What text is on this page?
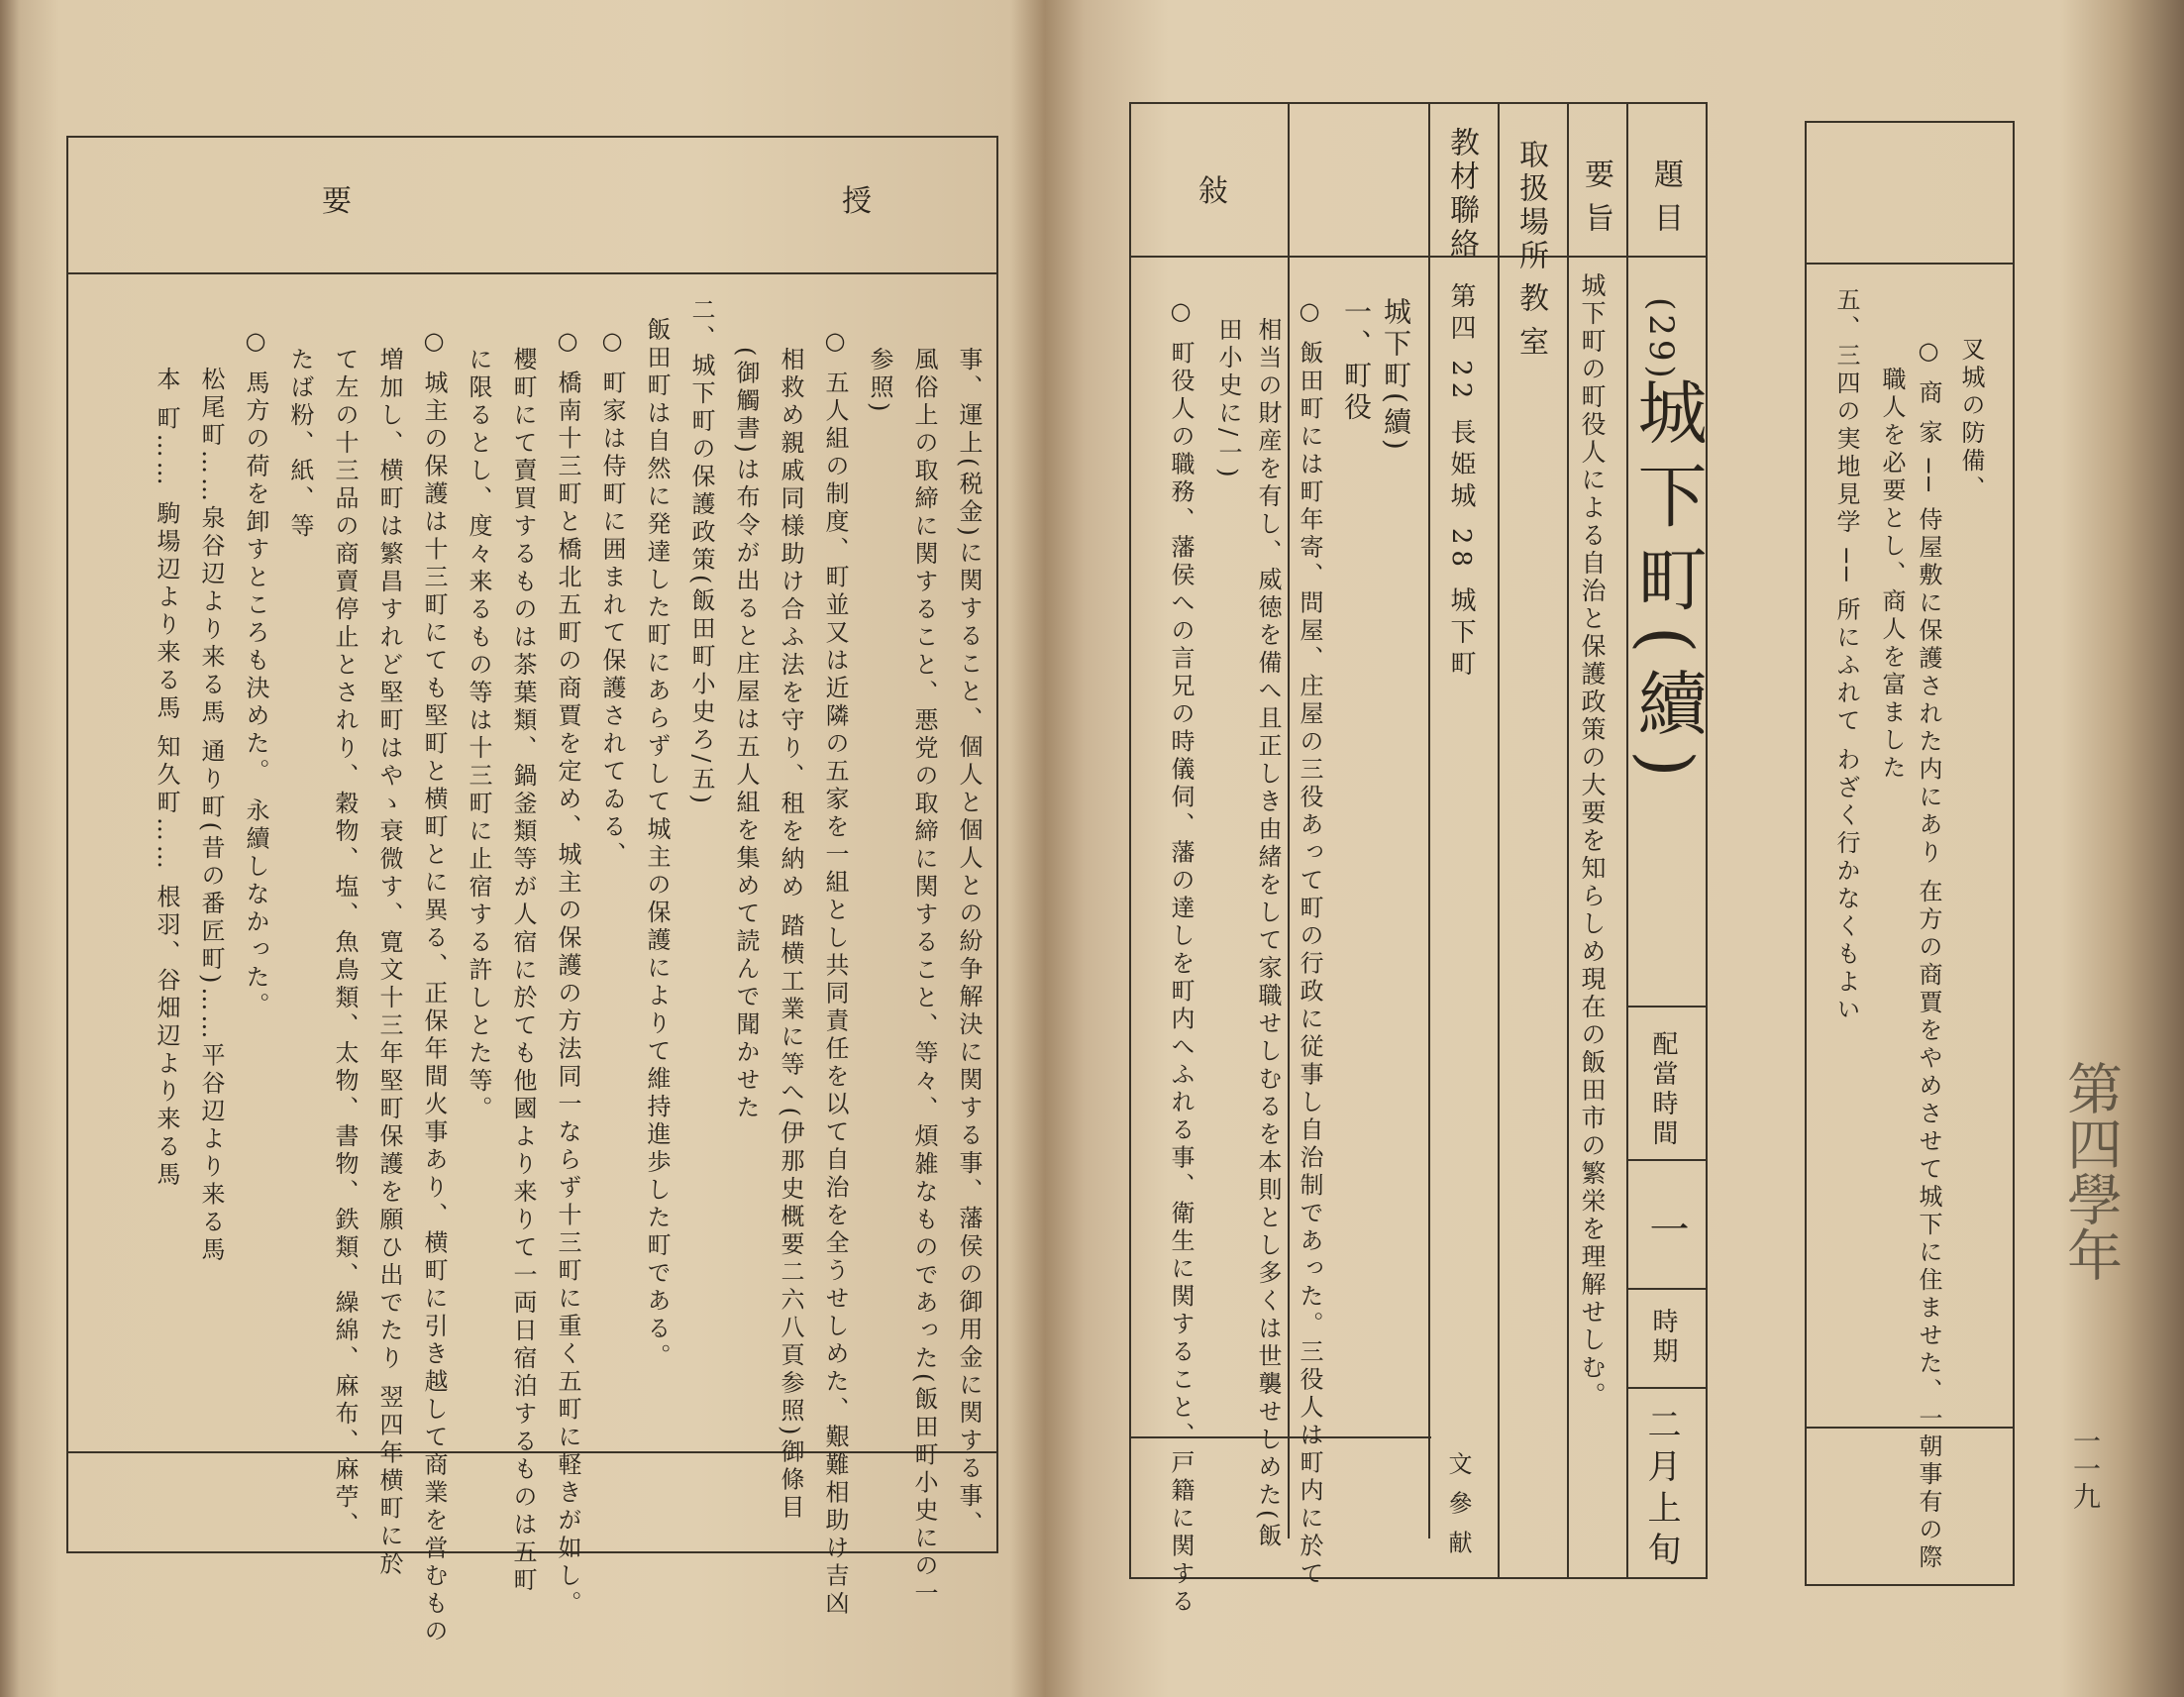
要	授
事、運上(税金)に関すること、個人と個人との紛争解決に関する事、藩侯の御用金に関する事、
風俗上の取締に関すること、悪党の取締に関すること、等々、煩雑なものであった(飯田町小史にの一
参照)
○ 五人組の制度、町並又は近隣の五家を一組とし共同責任を以て自治を全うせしめた、艱難相助け吉凶
相救め親戚同様助け合ふ法を守り、租を納め 踏横工業に等へ(伊那史概要二六八頁参照)御條目
(御觸書)は布令が出ると庄屋は五人組を集めて読んで聞かせた
二、城下町の保護政策(飯田町小史ろ/五)
飯田町は自然に発達した町にあらずして城主の保護によりて維持進歩した町である。
○ 町家は侍町に囲まれて保護されてゐる、
○ 橋南十三町と橋北五町の商賈を定め、城主の保護の方法同一ならず十三町に重く五町に軽きが如し。
櫻町にて賣買するものは茶葉類、鍋釜類等が人宿に於ても他國より来りて一両日宿泊するものは五町
に限るとし、度々来るもの等は十三町に止宿する許しとた等。
○ 城主の保護は十三町にても堅町と横町とに異る、正保年間火事あり、横町に引き越して商業を営むもの
増加し、横町は繁昌すれど堅町はやゝ衰微す、寛文十三年堅町保護を願ひ出でたり 翌四年横町に於
て左の十三品の商賣停止とされり、穀物、塩、魚鳥類、太物、書物、鉄類、繰綿、麻布、麻苧、
たば粉、紙、等
○ 馬方の荷を卸すところも決めた。 永續しなかった。
松尾町……泉谷辺より来る馬 通り町(昔の番匠町)……平谷辺より来る馬
本 町…… 駒場辺より来る馬 知久町…… 根羽、谷畑辺より来る馬
題目
要旨
取扱場所
教材聯絡
敍
(29)
城下町(續)
配當時間
一
時期
二月上旬
城下町の町役人による自治と保護政策の大要を知らしめ現在の飯田市の繁栄を理解せしむ。
教室
第四 22 長姫城 28 城下町
文 參 献
城下町(續)
一、町役
○ 飯田町には町年寄、問屋、庄屋の三役あって町の行政に従事し自治制であった。三役人は町内に於て
相当の財産を有し、威徳を備へ且正しき由緒をして家職せしむるを本則とし多くは世襲せしめた(飯
田小史に/一)
○ 町役人の職務、藩侯への言兄の時儀伺、藩の達しを町内へふれる事、衛生に関すること、戸籍に関する	叉城の防備、
○ 商 家 ── 侍屋敷に保護された内にあり 在方の商賈をやめさせて城下に住ませた、一朝事有の際
職人を必要とし、商人を富ました
五、三四の実地見学 ── 所にふれて わざく行かなくもよい
第四學年
一一九
